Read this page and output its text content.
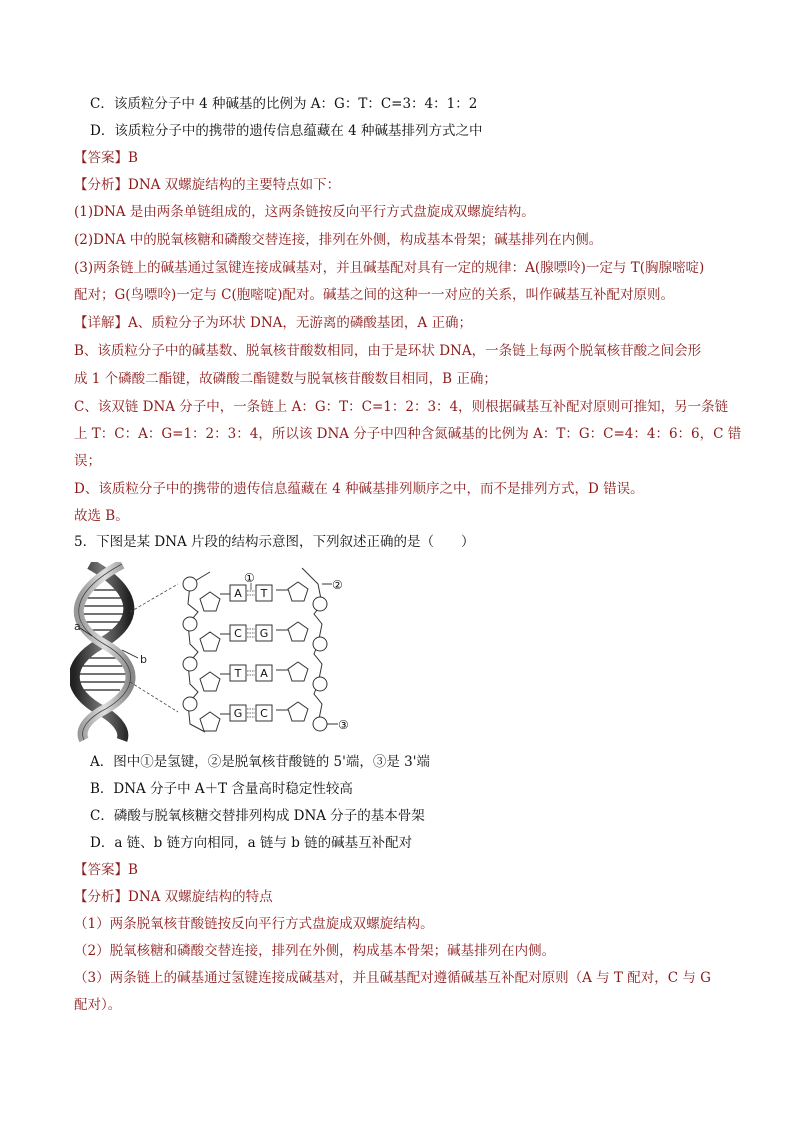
C．该质粒分子中 4 种碱基的比例为 A：G：T：C=3：4：1：2
D．该质粒分子中的携带的遗传信息蕴藏在 4 种碱基排列方式之中
【答案】B
【分析】DNA 双螺旋结构的主要特点如下：
(1)DNA 是由两条单链组成的，这两条链按反向平行方式盘旋成双螺旋结构。
(2)DNA 中的脱氧核糖和磷酸交替连接，排列在外侧，构成基本骨架；碱基排列在内侧。
(3)两条链上的碱基通过氢键连接成碱基对，并且碱基配对具有一定的规律：A(腺嘌呤)一定与 T(胸腺嘧啶)
配对；G(鸟嘌呤)一定与 C(胞嘧啶)配对。碱基之间的这种一一对应的关系，叫作碱基互补配对原则。
【详解】A、质粒分子为环状 DNA，无游离的磷酸基团，A 正确；
B、该质粒分子中的碱基数、脱氧核苷酸数相同，由于是环状 DNA，一条链上每两个脱氧核苷酸之间会形
成 1 个磷酸二酯键，故磷酸二酯键数与脱氧核苷酸数目相同，B 正确；
C、该双链 DNA 分子中，一条链上 A：G：T：C=1：2：3：4，则根据碱基互补配对原则可推知，另一条链
上 T：C：A：G=1：2：3：4，所以该 DNA 分子中四种含氮碱基的比例为 A：T：G：C=4：4：6：6，C 错
误；
D、该质粒分子中的携带的遗传信息蕴藏在 4 种碱基排列顺序之中，而不是排列方式，D 错误。
故选 B。
5．下图是某 DNA 片段的结构示意图，下列叙述正确的是（　　）
a
b
A T
C G
T A
G C
①	②
③
A．图中①是氢键，②是脱氧核苷酸链的 5'端，③是 3'端
B．DNA 分子中 A＋T 含量高时稳定性较高
C．磷酸与脱氧核糖交替排列构成 DNA 分子的基本骨架
D．a 链、b 链方向相同，a 链与 b 链的碱基互补配对
【答案】B
【分析】DNA 双螺旋结构的特点
（1）两条脱氧核苷酸链按反向平行方式盘旋成双螺旋结构。
（2）脱氧核糖和磷酸交替连接，排列在外侧，构成基本骨架；碱基排列在内侧。
（3）两条链上的碱基通过氢键连接成碱基对，并且碱基配对遵循碱基互补配对原则（A 与 T 配对，C 与 G
配对）。
